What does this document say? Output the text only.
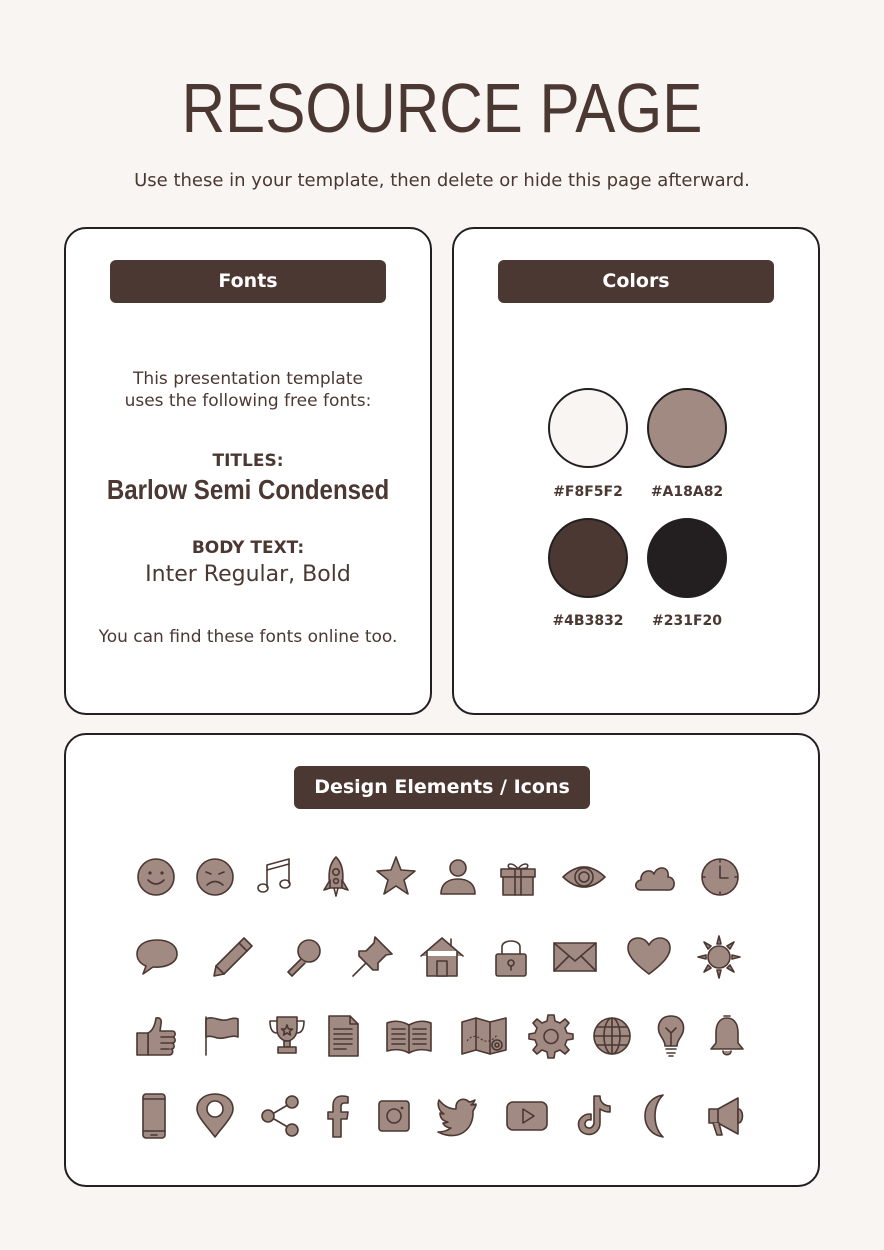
RESOURCE PAGE
Use these in your template, then delete or hide this page afterward.
Fonts
This presentation template
uses the following free fonts:
TITLES:
Barlow Semi Condensed
BODY TEXT:
Inter Regular, Bold
You can find these fonts online too.
Colors
#F8F5F2	#A18A82
#4B3832	#231F20
Design Elements / Icons
